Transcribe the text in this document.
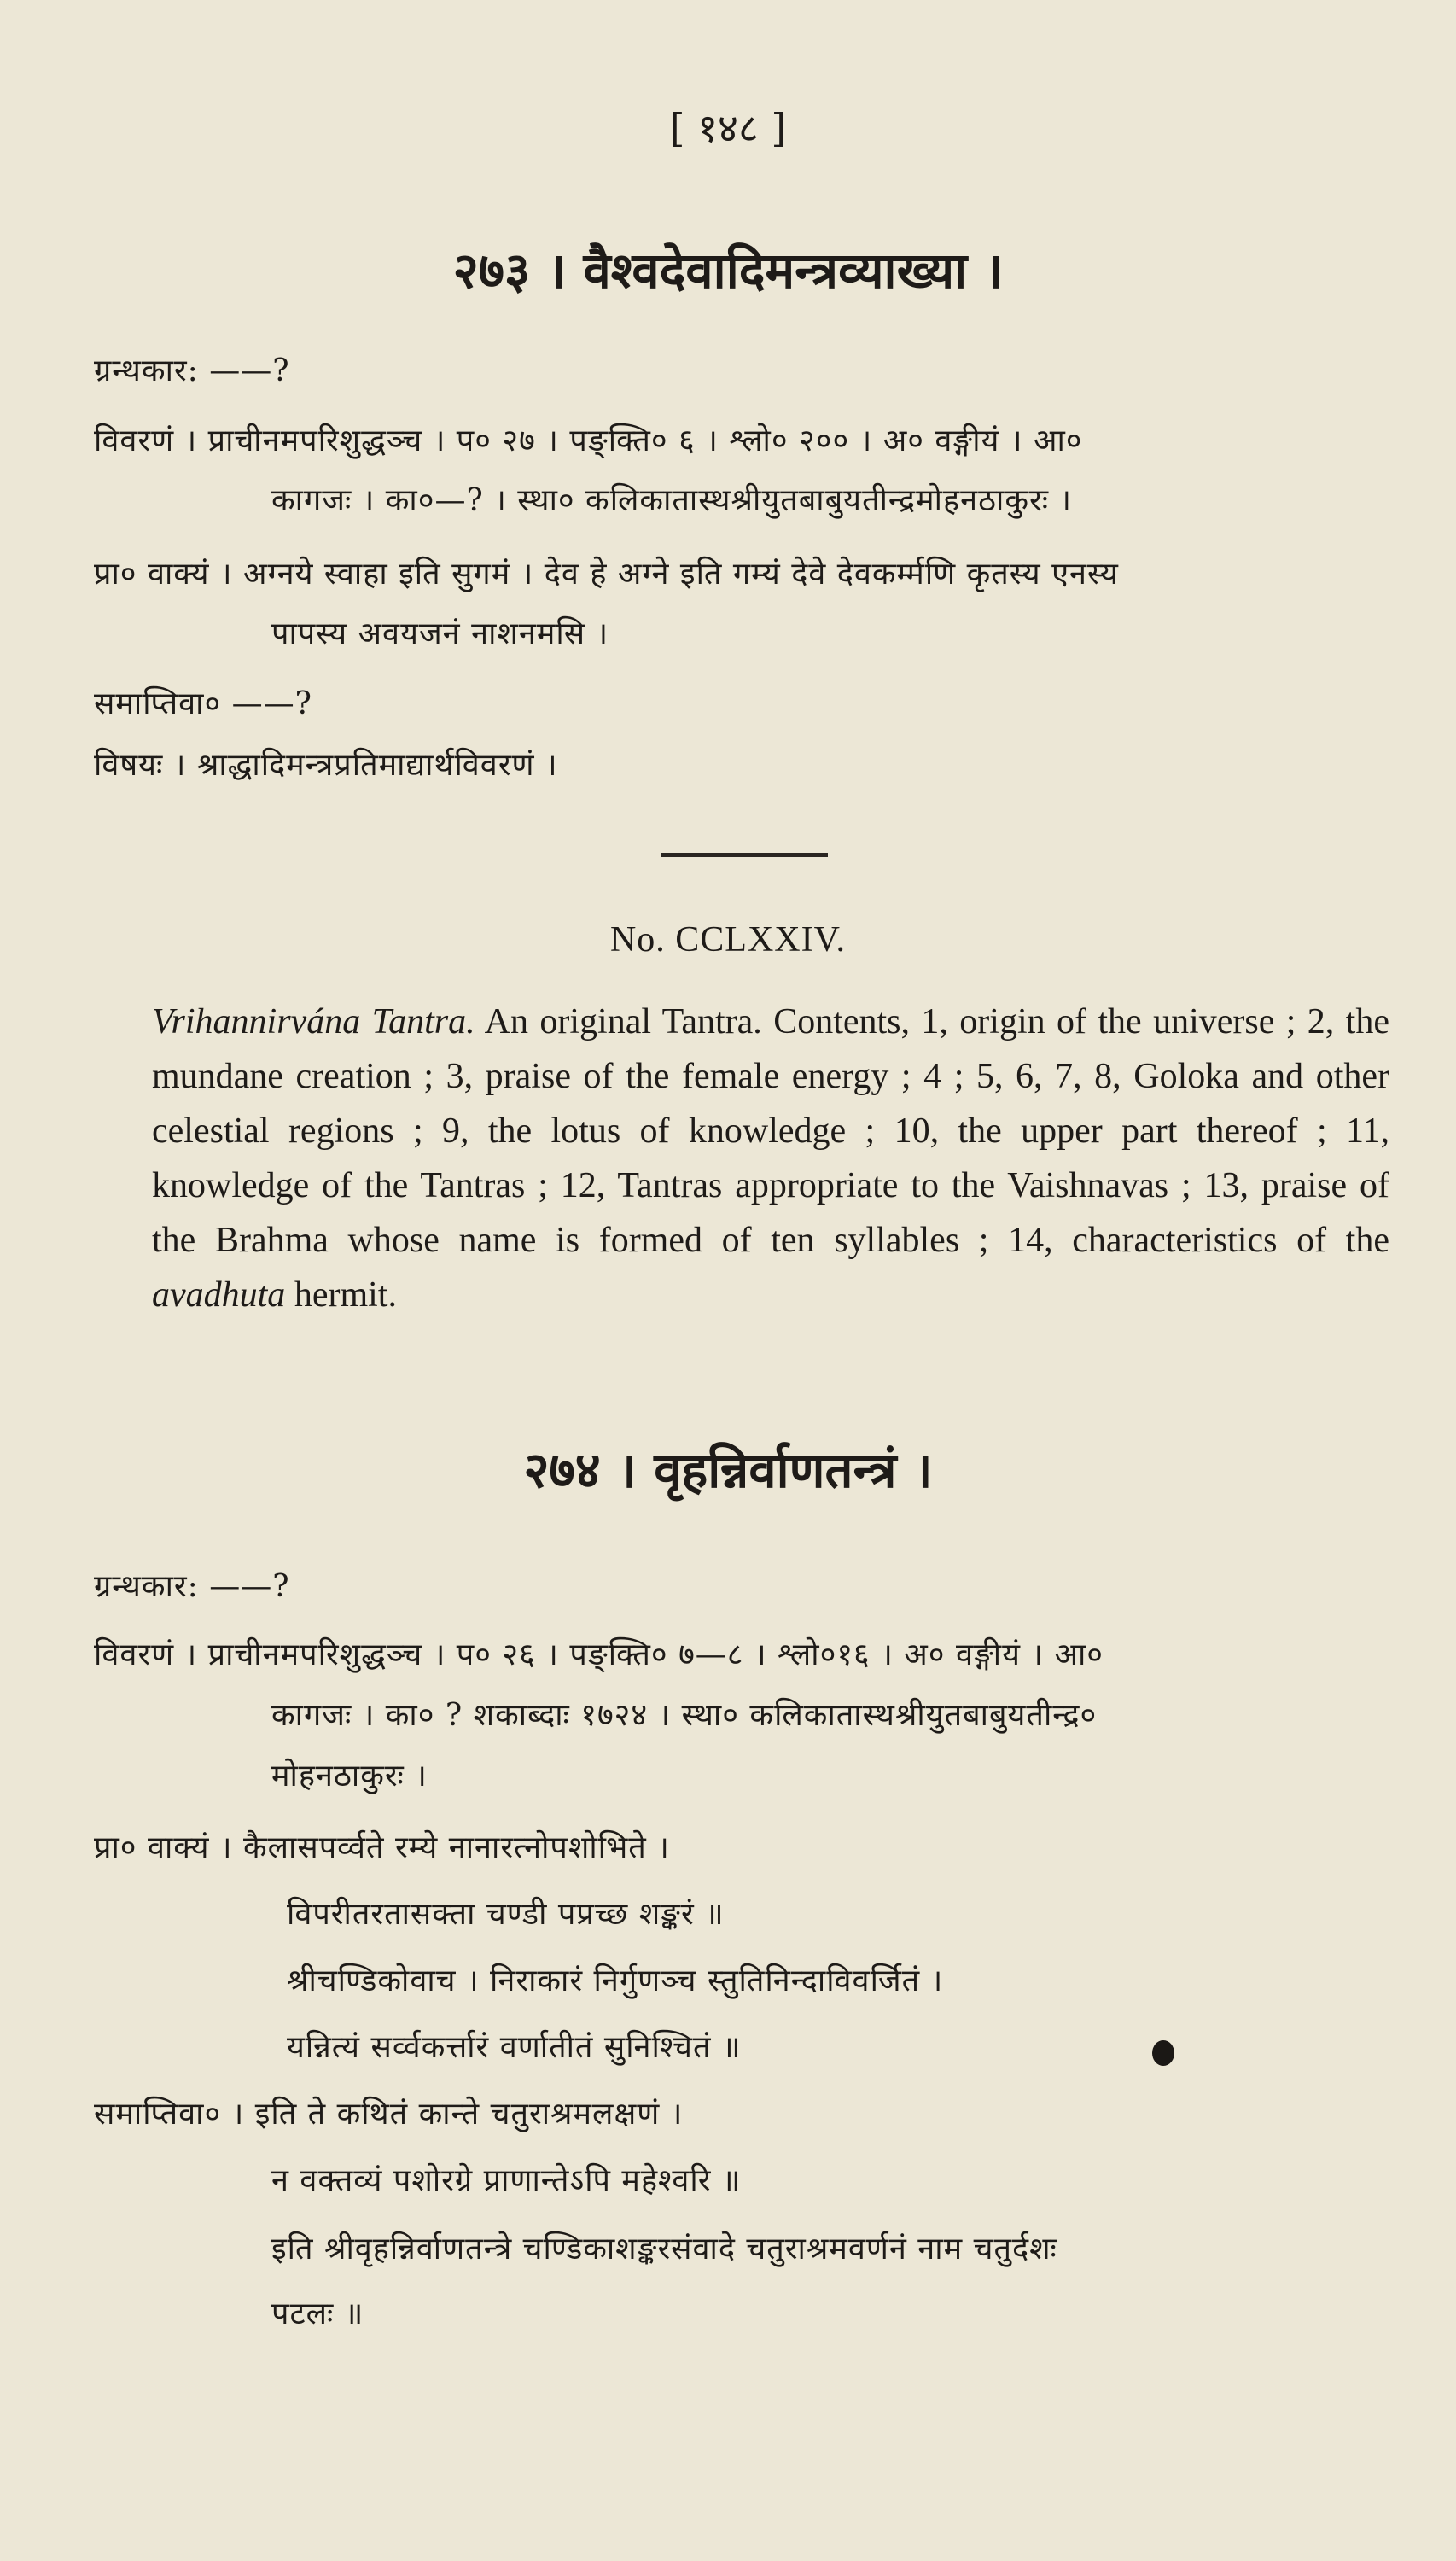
[ १४८ ]
२७३ । वैश्वदेवादिमन्त्रव्याख्या ।
ग्रन्थकार: ——?
विवरणं । प्राचीनमपरिशुद्धञ्च । प० २७ । पङ्क्ति० ६ । श्लो० २०० । अ० वङ्गीयं । आ०
कागजः । का०—? । स्था० कलिकातास्थश्रीयुतबाबुयतीन्द्रमोहनठाकुरः ।
प्रा० वाक्यं । अग्नये स्वाहा इति सुगमं । देव हे अग्ने इति गम्यं देवे देवकर्म्मणि कृतस्य एनस्य
पापस्य अवयजनं नाशनमसि ।
समाप्तिवा० ——?
विषयः । श्राद्धादिमन्त्रप्रतिमाद्यार्थविवरणं ।
No. CCLXXIV.
Vrihannirvána Tantra. An original Tantra. Contents, 1, origin of the universe ; 2, the mundane creation ; 3, praise of the female energy ; 4 ; 5, 6, 7, 8, Goloka and other celestial regions ; 9, the lotus of knowledge ; 10, the upper part thereof ; 11, knowledge of the Tantras ; 12, Tantras appropriate to the Vaishnavas ; 13, praise of the Brahma whose name is formed of ten syllables ; 14, characteristics of the avadhuta hermit.
२७४ । वृहन्निर्वाणतन्त्रं ।
ग्रन्थकार: ——?
विवरणं । प्राचीनमपरिशुद्धञ्च । प० २६ । पङ्क्ति० ७—८ । श्लो०१६ । अ० वङ्गीयं । आ०
कागजः । का० ? शकाब्दाः १७२४ । स्था० कलिकातास्थश्रीयुतबाबुयतीन्द्र०
मोहनठाकुरः ।
प्रा० वाक्यं । कैलासपर्व्वते रम्ये नानारत्नोपशोभिते ।
विपरीतरतासक्ता चण्डी पप्रच्छ शङ्करं ॥
श्रीचण्डिकोवाच । निराकारं निर्गुणञ्च स्तुतिनिन्दाविवर्जितं ।
यन्नित्यं सर्व्वकर्त्तारं वर्णातीतं सुनिश्चितं ॥
समाप्तिवा० । इति ते कथितं कान्ते चतुराश्रमलक्षणं ।
न वक्तव्यं पशोरग्रे प्राणान्तेऽपि महेश्वरि ॥
इति श्रीवृहन्निर्वाणतन्त्रे चण्डिकाशङ्करसंवादे चतुराश्रमवर्णनं नाम चतुर्दशः
पटलः ॥
